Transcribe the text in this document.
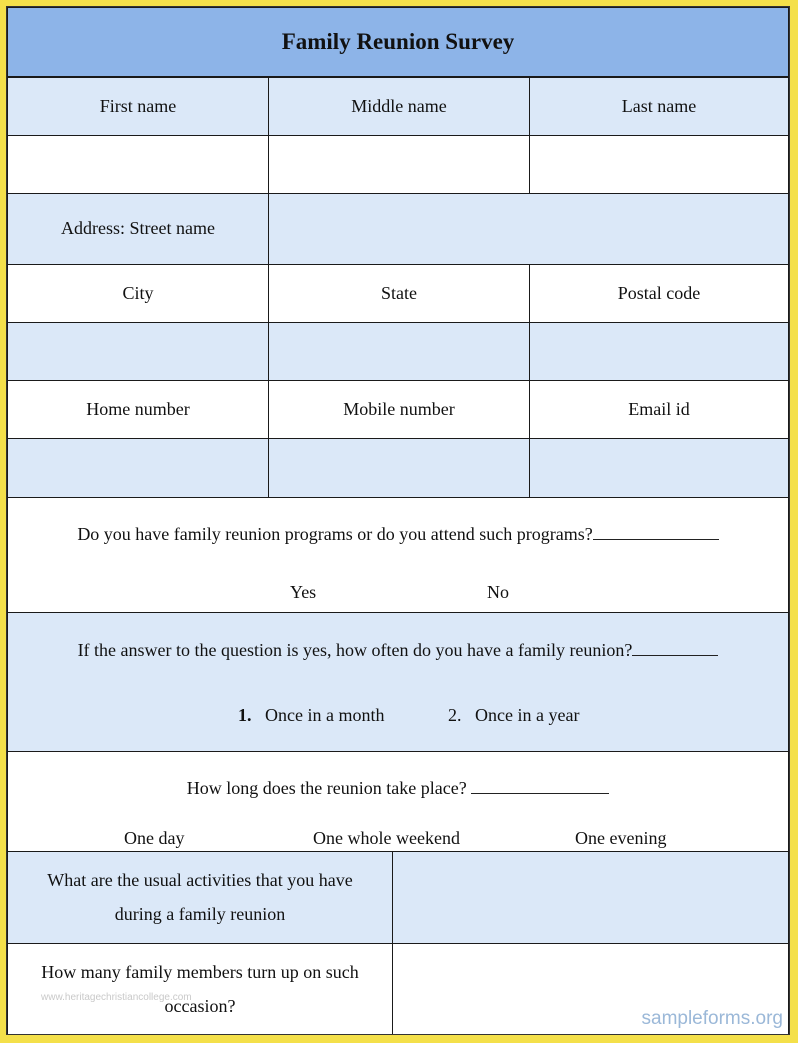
Family Reunion Survey
First name	Middle name	Last name
Address: Street name
City	State	Postal code
Home number	Mobile number	Email id
Do you have family reunion programs or do you attend such programs?
Yes	No
If the answer to the question is yes, how often do you have a family reunion?
1. Once in a month	2. Once in a year
How long does the reunion take place?
One day	One whole weekend	One evening
What are the usual activities that you have during a family reunion
How many family members turn up on such occasion?
www.heritagechristiancollege.com
sampleforms.org
